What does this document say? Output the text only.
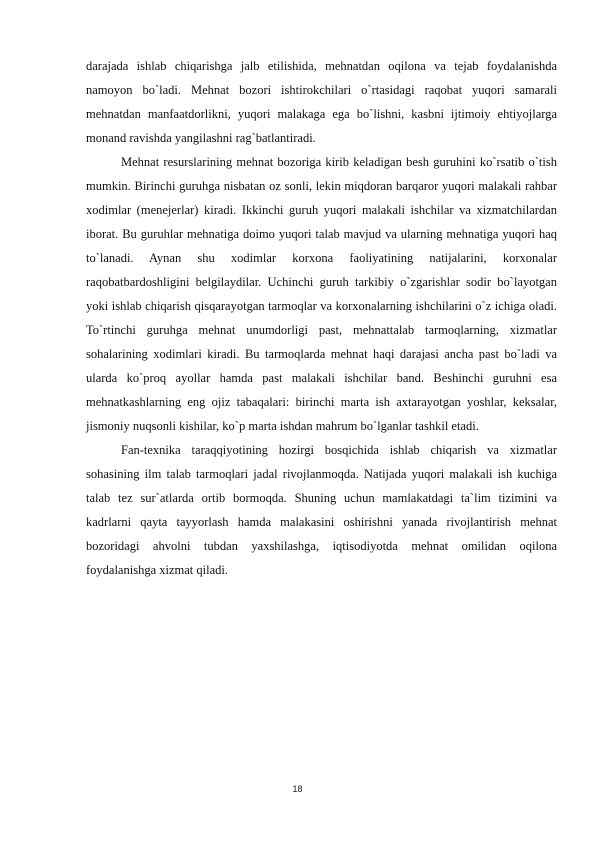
darajada ishlab chiqarishga jalb etilishida, mehnatdan oqilona va tejab foydalanishda namoyon bo`ladi. Mehnat bozori ishtirokchilari o`rtasidagi raqobat yuqori samarali mehnatdan manfaatdorlikni, yuqori malakaga ega bo`lishni, kasbni ijtimoiy ehtiyojlarga monand ravishda yangilashni rag`batlantiradi.

Mehnat resurslarining mehnat bozoriga kirib keladigan besh guruhini ko`rsatib o`tish mumkin. Birinchi guruhga nisbatan oz sonli, lekin miqdoran barqaror yuqori malakali rahbar xodimlar (menejerlar) kiradi. Ikkinchi guruh yuqori malakali ishchilar va xizmatchilardan iborat. Bu guruhlar mehnatiga doimo yuqori talab mavjud va ularning mehnatiga yuqori haq to`lanadi. Aynan shu xodimlar korxona faoliyatining natijalarini, korxonalar raqobatbardoshligini belgilaydilar. Uchinchi guruh tarkibiy o`zgarishlar sodir bo`layotgan yoki ishlab chiqarish qisqarayotgan tarmoqlar va korxonalarning ishchilarini o`z ichiga oladi. To`rtinchi guruhga mehnat unumdorligi past, mehnattalab tarmoqlarning, xizmatlar sohalarining xodimlari kiradi. Bu tarmoqlarda mehnat haqi darajasi ancha past bo`ladi va ularda ko`proq ayollar hamda past malakali ishchilar band. Beshinchi guruhni esa mehnatkashlarning eng ojiz tabaqalari: birinchi marta ish axtarayotgan yoshlar, keksalar, jismoniy nuqsonli kishilar, ko`p marta ishdan mahrum bo`lganlar tashkil etadi.

Fan-texnika taraqqiyotining hozirgi bosqichida ishlab chiqarish va xizmatlar sohasining ilm talab tarmoqlari jadal rivojlanmoqda. Natijada yuqori malakali ish kuchiga talab tez sur`atlarda ortib bormoqda. Shuning uchun mamlakatdagi ta`lim tizimini va kadrlarni qayta tayyorlash hamda malakasini oshirishni yanada rivojlantirish mehnat bozoridagi ahvolni tubdan yaxshilashga, iqtisodiyotda mehnat omilidan oqilona foydalanishga xizmat qiladi.

18
